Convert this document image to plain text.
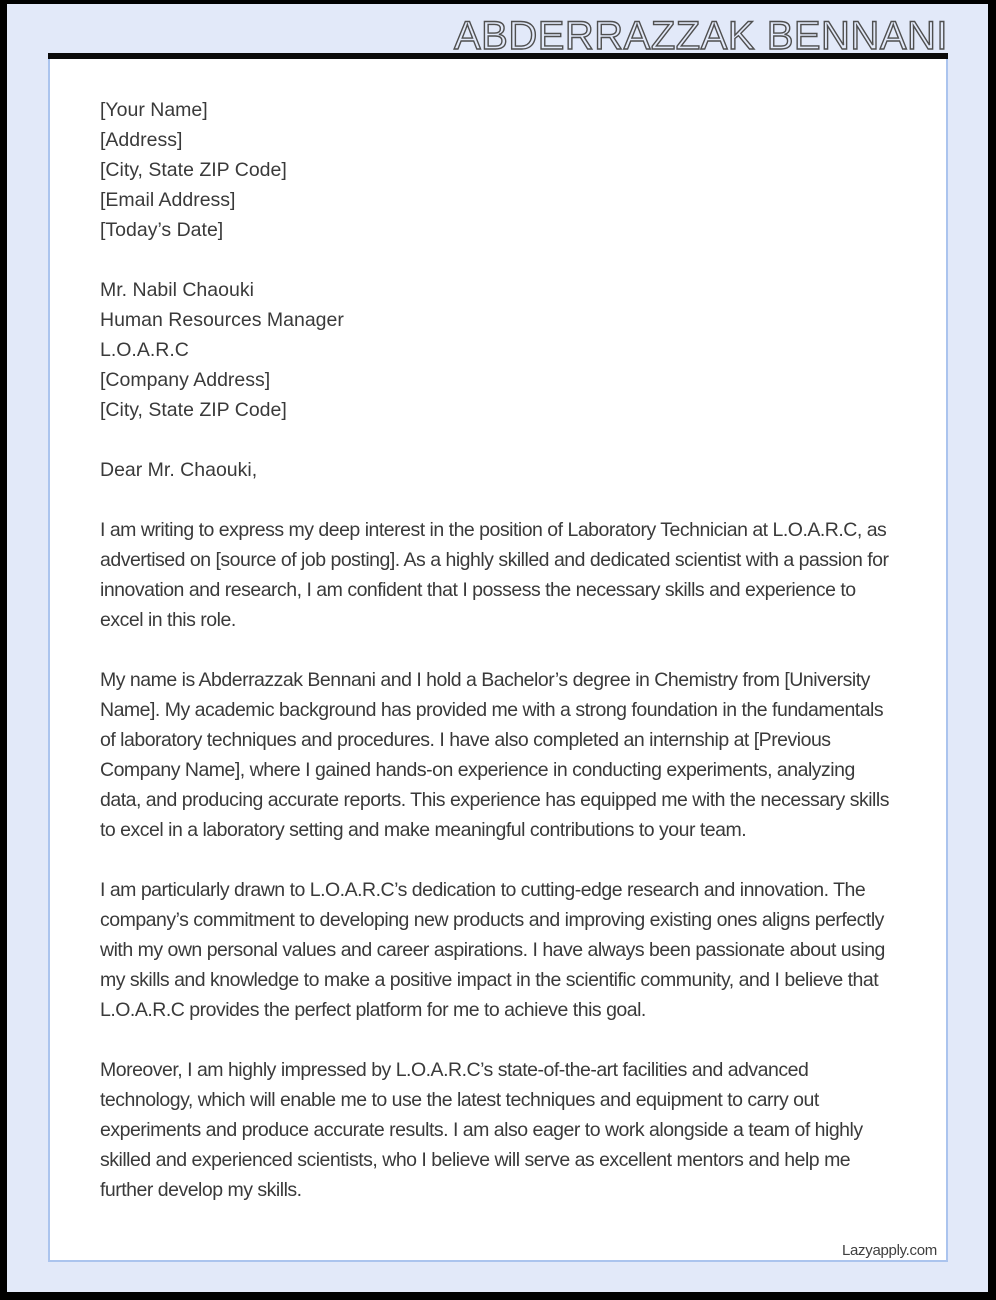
ABDERRAZZAK BENNANI
[Your Name]
[Address]
[City, State ZIP Code]
[Email Address]
[Today’s Date]
Mr. Nabil Chaouki
Human Resources Manager
L.O.A.R.C
[Company Address]
[City, State ZIP Code]
Dear Mr. Chaouki,

I am writing to express my deep interest in the position of Laboratory Technician at L.O.A.R.C, as advertised on [source of job posting]. As a highly skilled and dedicated scientist with a passion for innovation and research, I am confident that I possess the necessary skills and experience to excel in this role.

My name is Abderrazzak Bennani and I hold a Bachelor’s degree in Chemistry from [University Name]. My academic background has provided me with a strong foundation in the fundamentals of laboratory techniques and procedures. I have also completed an internship at [Previous Company Name], where I gained hands-on experience in conducting experiments, analyzing data, and producing accurate reports. This experience has equipped me with the necessary skills to excel in a laboratory setting and make meaningful contributions to your team.

I am particularly drawn to L.O.A.R.C’s dedication to cutting-edge research and innovation. The company’s commitment to developing new products and improving existing ones aligns perfectly with my own personal values and career aspirations. I have always been passionate about using my skills and knowledge to make a positive impact in the scientific community, and I believe that L.O.A.R.C provides the perfect platform for me to achieve this goal.

Moreover, I am highly impressed by L.O.A.R.C’s state-of-the-art facilities and advanced technology, which will enable me to use the latest techniques and equipment to carry out experiments and produce accurate results. I am also eager to work alongside a team of highly skilled and experienced scientists, who I believe will serve as excellent mentors and help me further develop my skills.

Lazyapply.com
